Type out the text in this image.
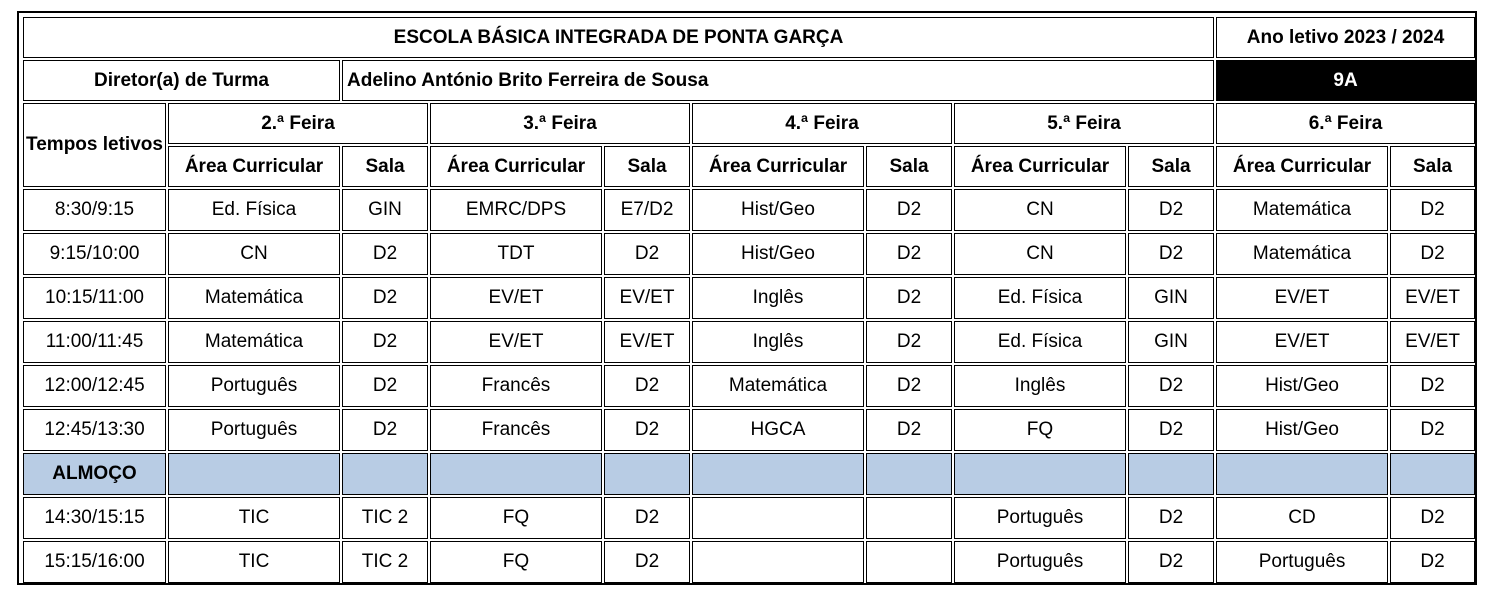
ESCOLA BÁSICA INTEGRADA DE PONTA GARÇA									Ano letivo 2023 / 2024	
Diretor(a) de Turma		Adelino António Brito Ferreira de Sousa							9A	
Tempos letivos	2.ª Feira		3.ª Feira		4.ª Feira		5.ª Feira		6.ª Feira	
	Área Curricular	Sala	Área Curricular	Sala	Área Curricular	Sala	Área Curricular	Sala	Área Curricular	Sala
8:30/9:15	Ed. Física	GIN	EMRC/DPS	E7/D2	Hist/Geo	D2	CN	D2	Matemática	D2
9:15/10:00	CN	D2	TDT	D2	Hist/Geo	D2	CN	D2	Matemática	D2
10:15/11:00	Matemática	D2	EV/ET	EV/ET	Inglês	D2	Ed. Física	GIN	EV/ET	EV/ET
11:00/11:45	Matemática	D2	EV/ET	EV/ET	Inglês	D2	Ed. Física	GIN	EV/ET	EV/ET
12:00/12:45	Português	D2	Francês	D2	Matemática	D2	Inglês	D2	Hist/Geo	D2
12:45/13:30	Português	D2	Francês	D2	HGCA	D2	FQ	D2	Hist/Geo	D2
ALMOÇO										
14:30/15:15	TIC	TIC 2	FQ	D2			Português	D2	CD	D2
15:15/16:00	TIC	TIC 2	FQ	D2			Português	D2	Português	D2
